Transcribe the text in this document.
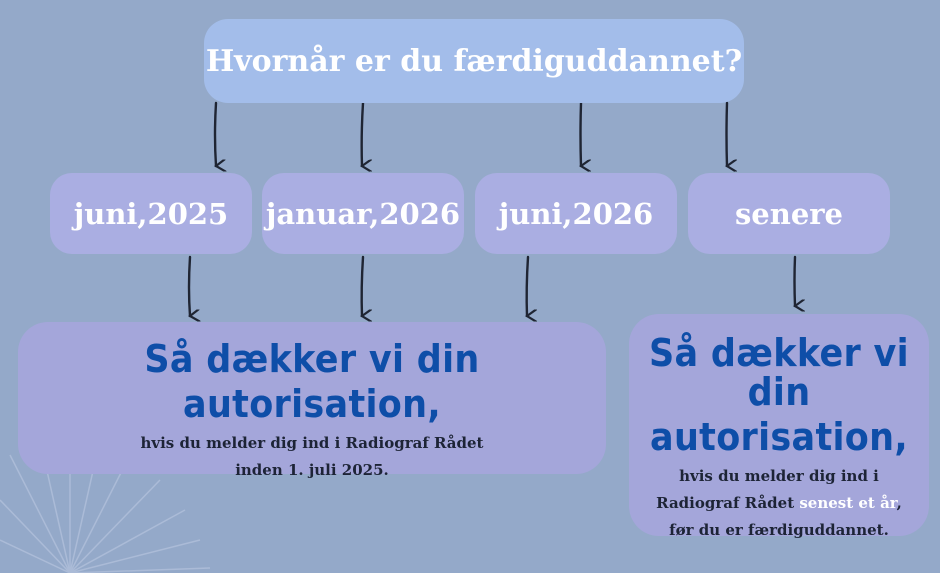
Hvornår er du færdiguddannet?
juni,2025 januar,2026 juni,2026	senere
Så dækker vi din autorisation,
hvis du melder dig ind i Radiograf Rådet
inden 1. juli 2025.
Så dækker vi
din autorisation,
hvis du melder dig ind i
Radiograf Rådet senest et år,
før du er færdiguddannet.
